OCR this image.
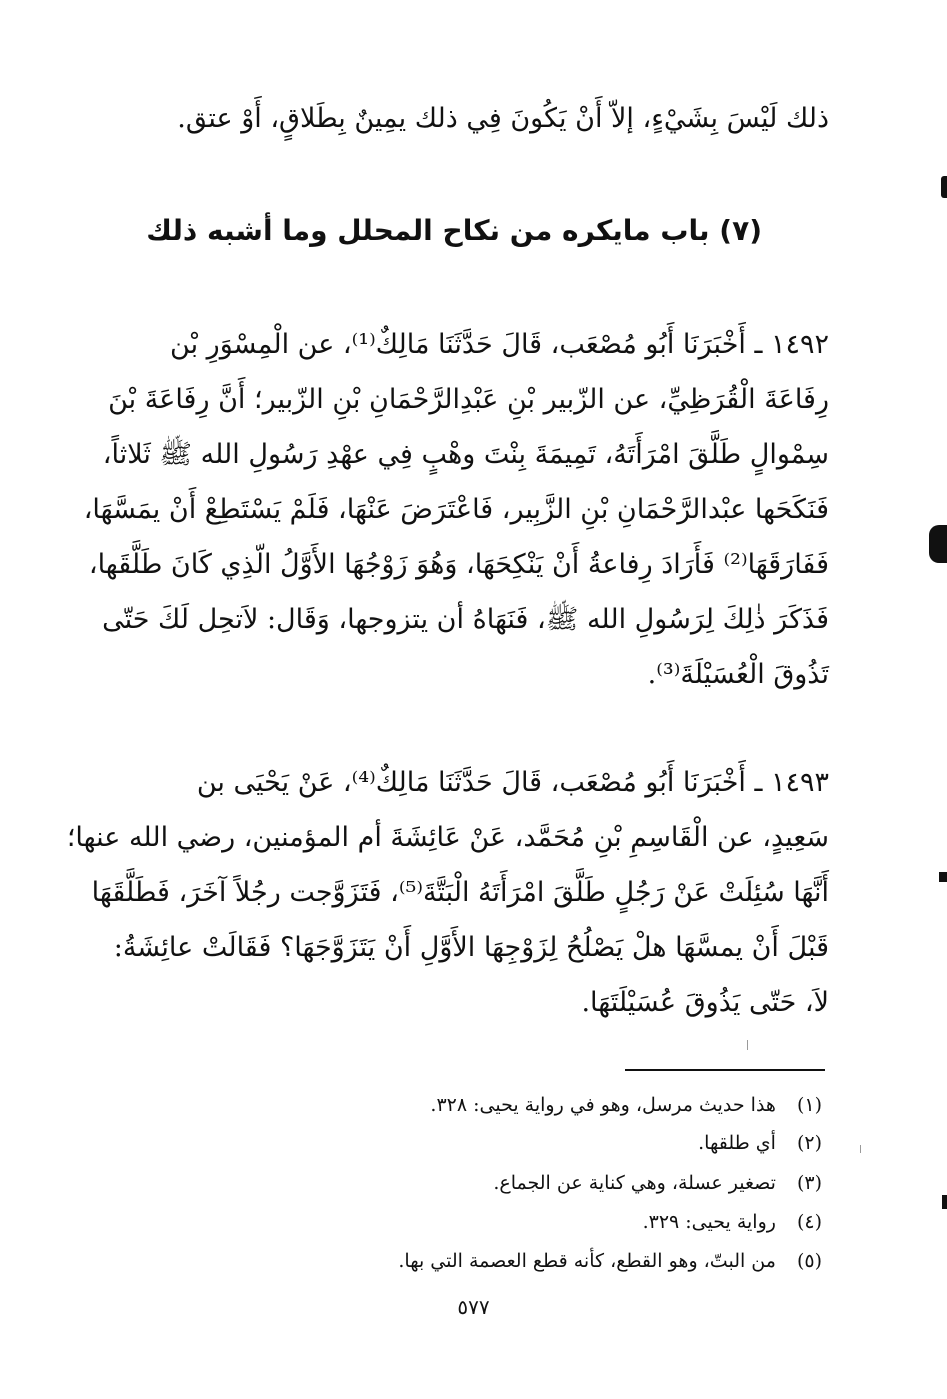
ذلك لَيْسَ بِشَيْءٍ، إلاّ أَنْ يَكُونَ فِي ذلك يمِينٌ بِطَلاقٍ، أَوْ عتق.
(٧) باب مايكره من نكاح المحلل وما أشبه ذلك
١٤٩٢ ـ أَخْبَرَنَا أَبُو مُصْعَب، قَالَ حَدَّثَنَا مَالِكٌ⁽¹⁾، عن الْمِسْوَرِ بْن
رِفَاعَةَ الْقُرَظِيِّ، عن الزّبير بْنِ عَبْدِالرَّحْمَانِ بْنِ الزّبير؛ أَنَّ رِفَاعَةَ بْنَ
سِمْوالٍ طَلَّقَ امْرَأَتَهُ، تَمِيمَةَ بِنْتَ وهْبٍ فِي عهْدِ رَسُولِ الله ﷺ ثَلاثاً،
فَنَكَحَها عبْدالرَّحْمَانِ بْنِ الزَّبِير، فَاعْتَرَضَ عَنْهَا، فَلَمْ يَسْتَطِعْ أَنْ يمَسَّهَا،
فَفَارَقَهَا⁽²⁾ فَأَرَادَ رِفاعةُ أَنْ يَنْكِحَهَا، وَهُوَ زَوْجُهَا الأَوَّلُ الّذِي كَانَ طَلَّقَها،
فَذَكَرَ ذٰلِكَ لِرَسُولِ الله ﷺ، فَنَهَاهُ أن يتزوجها، وَقَال: لاَتحِل لَكَ حَتّى
تَذُوقَ الْعُسَيْلَةَ⁽³⁾.
١٤٩٣ ـ أَخْبَرَنَا أَبُو مُصْعَب، قَالَ حَدَّثَنَا مَالِكٌ⁽⁴⁾، عَنْ يَحْيَى بن
سَعِيدٍ، عن الْقَاسِمِ بْنِ مُحَمَّد، عَنْ عَائِشَةَ أم المؤمنين، رضي الله عنها؛
أَنَّهَا سُئِلَتْ عَنْ رَجُلٍ طَلَّقَ امْرَأَتَهُ الْبَتَّةَ⁽⁵⁾، فَتَزَوَّجت رجُلاً آخَرَ، فَطَلَّقَهَا
قَبْلَ أَنْ يمسَّهَا هلْ يَصْلُحُ لِزَوْجِهَا الأَوَّلِ أَنْ يَتَزَوَّجَهَا؟ فَقَالَتْ عائِشَةُ:
لاَ، حَتّى يَذُوقَ عُسَيْلَتَهَا.
(١) هذا حديث مرسل، وهو في رواية يحيى: ٣٢٨.
(٢) أي طلقها.
(٣) تصغير عسلة، وهي كناية عن الجماع.
(٤) رواية يحيى: ٣٢٩.
(٥) من البتّ، وهو القطع، كأنه قطع العصمة التي بها.
٥٧٧
